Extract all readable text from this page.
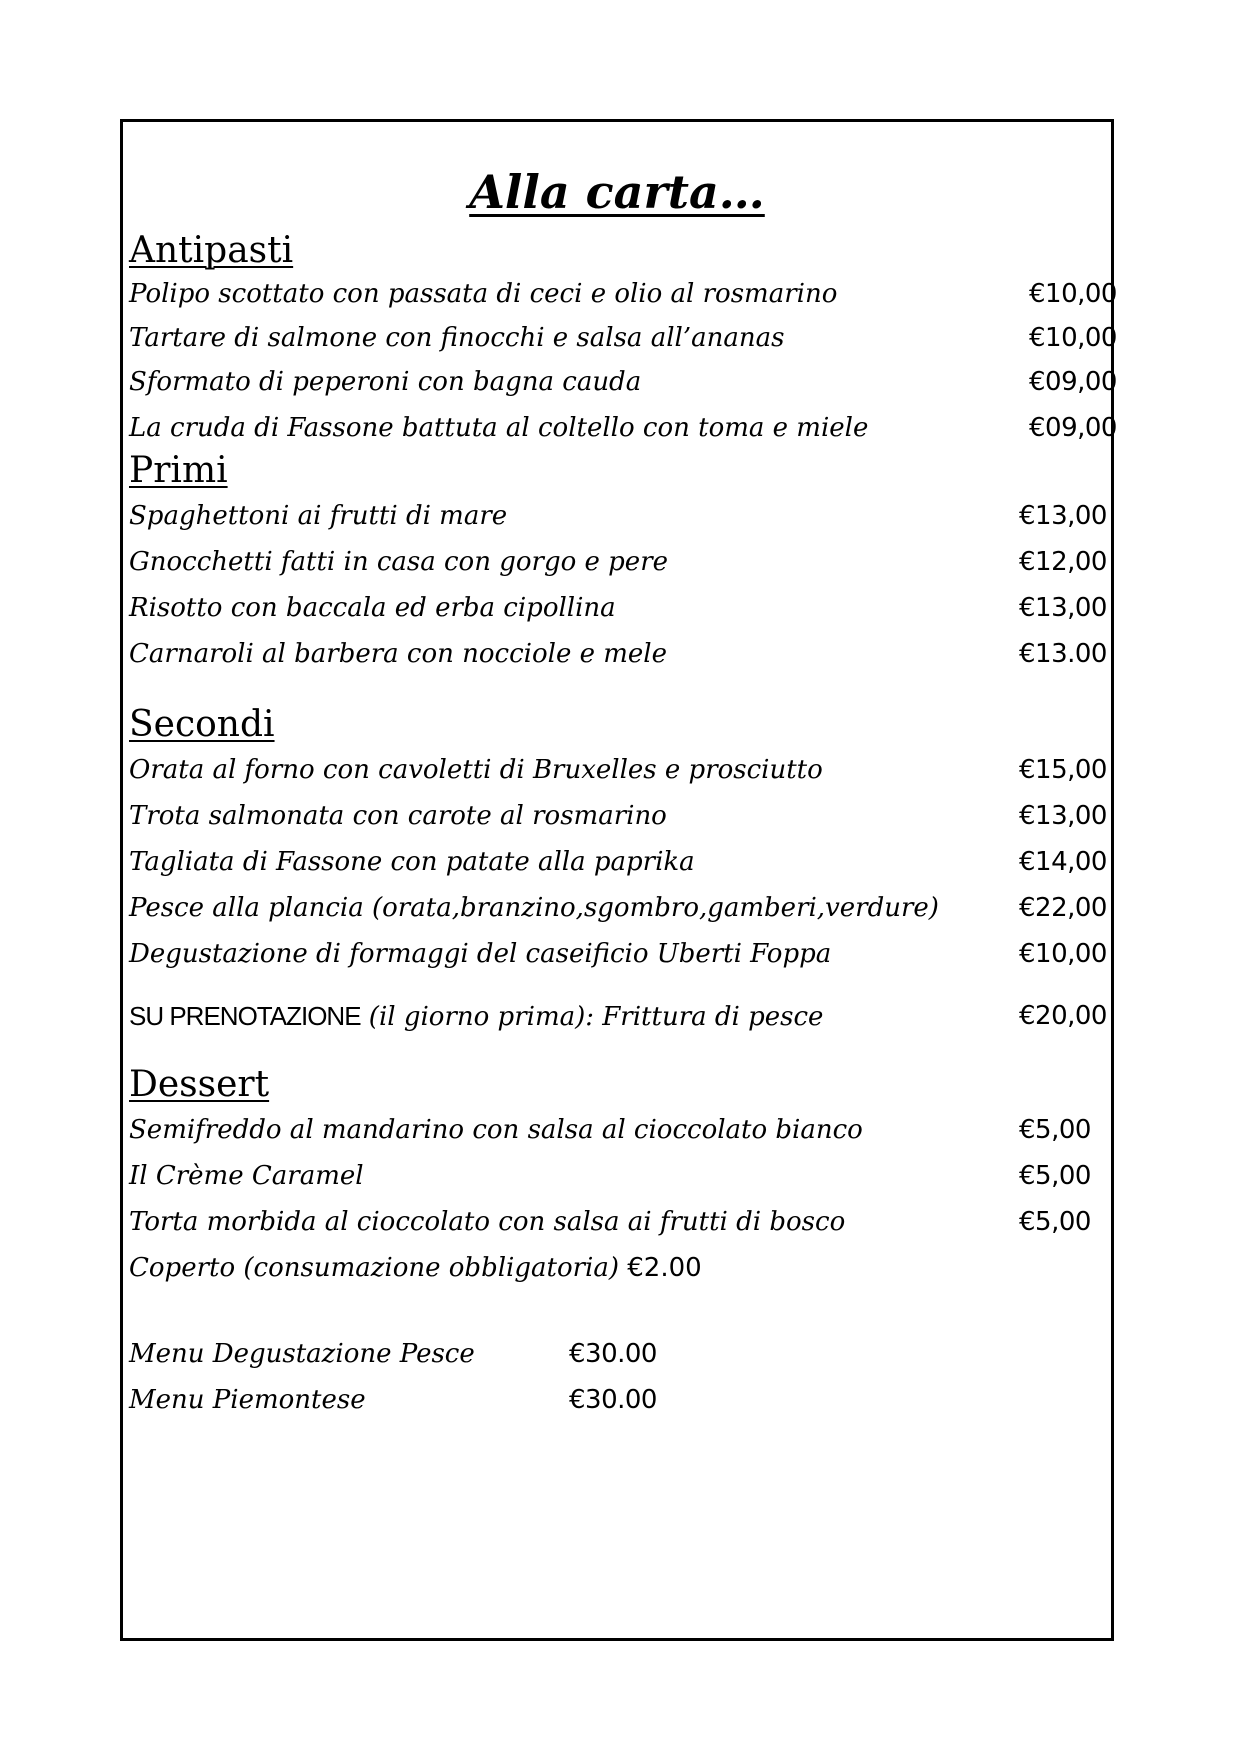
Alla carta…
Antipasti
Polipo scottato con passata di ceci e olio al rosmarino	€10,00
Tartare di salmone con finocchi e salsa all’ananas	€10,00
Sformato di peperoni con bagna cauda	€09,00
La cruda di Fassone battuta al coltello con toma e miele	€09,00
Primi
Spaghettoni ai frutti di mare	€13,00
Gnocchetti fatti in casa con gorgo e pere	€12,00
Risotto con baccala ed erba cipollina	€13,00
Carnaroli al barbera con nocciole e mele	€13.00
Secondi
Orata al forno con cavoletti di Bruxelles e prosciutto	€15,00
Trota salmonata con carote al rosmarino	€13,00
Tagliata di Fassone con patate alla paprika	€14,00
Pesce alla plancia (orata,branzino,sgombro,gamberi,verdure)	€22,00
Degustazione di formaggi del caseificio Uberti Foppa	€10,00
SU PRENOTAZIONE (il giorno prima): Frittura di pesce	€20,00
Dessert
Semifreddo al mandarino con salsa al cioccolato bianco	€5,00
Il Crème Caramel	€5,00
Torta morbida al cioccolato con salsa ai frutti di bosco	€5,00
Coperto (consumazione obbligatoria) €2.00
Menu Degustazione Pesce	€30.00
Menu Piemontese	€30.00
